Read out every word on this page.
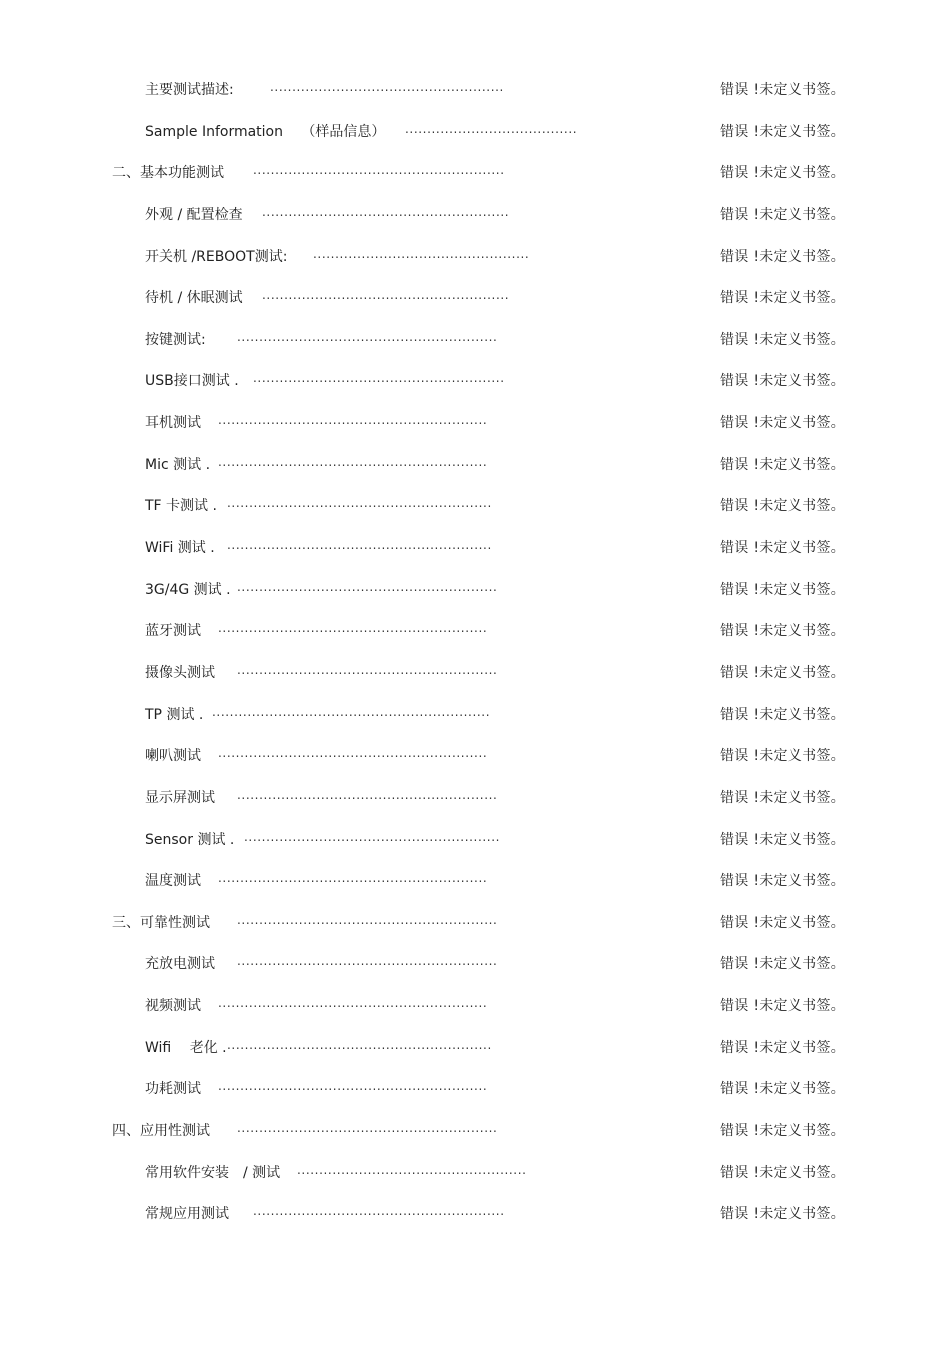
主要测试描述:	.....................................................	错误 !未定义书签。
Sample Information　 （样品信息） .......................................	错误 !未定义书签。
二、基本功能测试 .........................................................	错误 !未定义书签。
外观 / 配置检查 ........................................................	错误 !未定义书签。
开关机 /REBOOT测试: .................................................	错误 !未定义书签。
待机 / 休眠测试 ........................................................	错误 !未定义书签。
按键测试:	...........................................................	错误 !未定义书签。
USB接口测试 . .........................................................	错误 !未定义书签。
耳机测试 .............................................................	错误 !未定义书签。
Mic 测试 . .............................................................	错误 !未定义书签。
TF 卡测试 . ............................................................	错误 !未定义书签。
WiFi 测试 . ............................................................	错误 !未定义书签。
3G/4G 测试 . ...........................................................	错误 !未定义书签。
蓝牙测试 .............................................................	错误 !未定义书签。
摄像头测试 ...........................................................	错误 !未定义书签。
TP 测试 . ...............................................................	错误 !未定义书签。
喇叭测试 .............................................................	错误 !未定义书签。
显示屏测试 ...........................................................	错误 !未定义书签。
Sensor 测试 . ..........................................................	错误 !未定义书签。
温度测试 .............................................................	错误 !未定义书签。
三、可靠性测试 ...........................................................	错误 !未定义书签。
充放电测试 ...........................................................	错误 !未定义书签。
视频测试 .............................................................	错误 !未定义书签。
Wifi　 老化 . ............................................................	错误 !未定义书签。
功耗测试 .............................................................	错误 !未定义书签。
四、应用性测试 ...........................................................	错误 !未定义书签。
常用软件安装　/ 测试 ....................................................	错误 !未定义书签。
常规应用测试 .........................................................	错误 !未定义书签。
